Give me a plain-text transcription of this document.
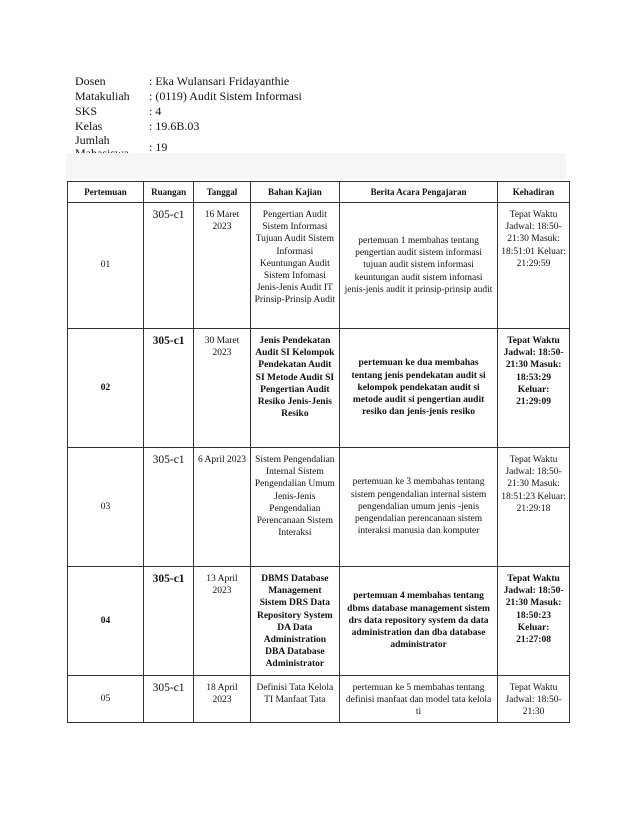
Dosen	: Eka Wulansari Fridayanthie
Matakuliah	: (0119) Audit Sistem Informasi
SKS	: 4
Kelas	: 19.6B.03
Jumlah	: 19
Pertemuan	Ruangan	Tanggal	Bahan Kajian	Berita Acara Pengajaran	Kehadiran
01	305-c1	16 Maret 2023	Pengertian Audit Sistem Informasi Tujuan Audit Sistem Informasi Keuntungan Audit Sistem Infomasi Jenis-Jenis Audit IT Prinsip-Prinsip Audit	pertemuan 1 membahas tentang pengertian audit sistem informasi tujuan audit sistem informasi keuntungan audit sistem infomasi jenis-jenis audit it prinsip-prinsip audit	Tepat Waktu Jadwal: 18:50-21:30 Masuk: 18:51:01 Keluar: 21:29:59
02	305-c1	30 Maret 2023	Jenis Pendekatan Audit SI Kelompok Pendekatan Audit SI Metode Audit SI Pengertian Audit Resiko Jenis-Jenis Resiko	pertemuan ke dua membahas tentang jenis pendekatan audit si kelompok pendekatan audit si metode audit si pengertian audit resiko dan jenis-jenis resiko	Tepat Waktu Jadwal: 18:50-21:30 Masuk: 18:53:29 Keluar: 21:29:09
03	305-c1	6 April 2023	Sistem Pengendalian Internal Sistem Pengendalian Umum Jenis-Jenis Pengendalian Perencanaan Sistem Interaksi	pertemuan ke 3 membahas tentang sistem pengendalian internal sistem pengendalian umum jenis -jenis pengendalian perencanaan sistem interaksi manusia dan komputer	Tepat Waktu Jadwal: 18:50-21:30 Masuk: 18:51:23 Keluar: 21:29:18
04	305-c1	13 April 2023	DBMS Database Management Sistem DRS Data Repository System DA Data Administration DBA Database Administrator	pertemuan 4 membahas tentang dbms database management sistem drs data repository system da data administration dan dba database administrator	Tepat Waktu Jadwal: 18:50-21:30 Masuk: 18:50:23 Keluar: 21:27:08
05	305-c1	18 April 2023	Definisi Tata Kelola TI Manfaat Tata	pertemuan ke 5 membahas tentang definisi manfaat dan model tata kelola ti	Tepat Waktu Jadwal: 18:50-21:30
